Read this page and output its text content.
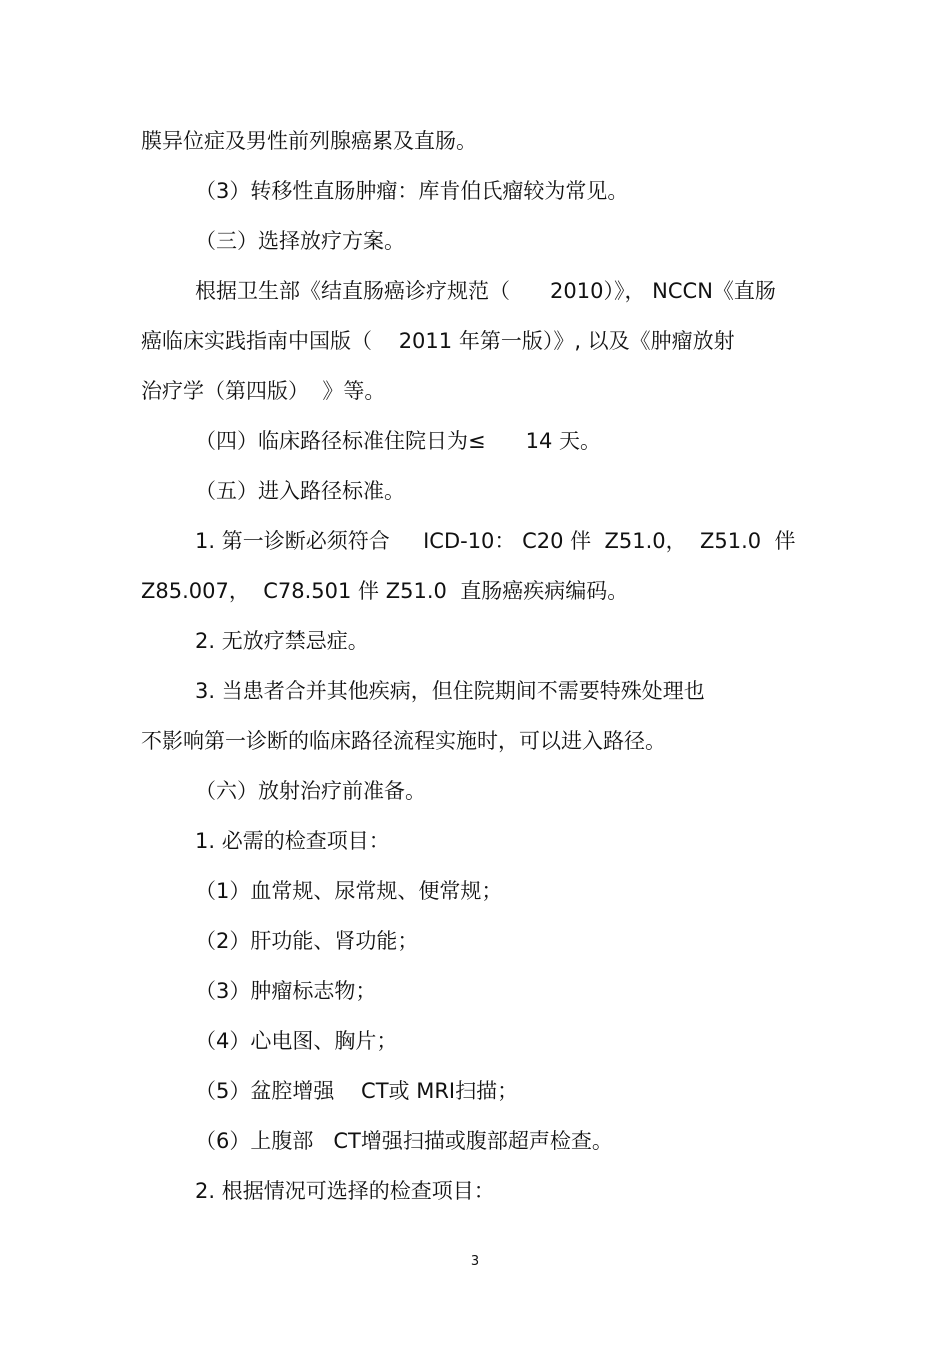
膜异位症及男性前列腺癌累及直肠。
（3）转移性直肠肿瘤：库肯伯氏瘤较为常见。
（三）选择放疗方案。
根据卫生部《结直肠癌诊疗规范（      2010）》， NCCN《直肠
癌临床实践指南中国版（    2011 年第一版）》, 以及《肿瘤放射
治疗学（第四版）  》等。
（四）临床路径标准住院日为≤      14 天。
（五）进入路径标准。
1. 第一诊断必须符合     ICD-10： C20 伴  Z51.0，  Z51.0  伴
Z85.007，  C78.501 伴 Z51.0  直肠癌疾病编码。
2. 无放疗禁忌症。
3. 当患者合并其他疾病，但住院期间不需要特殊处理也
不影响第一诊断的临床路径流程实施时，可以进入路径。
（六）放射治疗前准备。
1. 必需的检查项目：
（1）血常规、尿常规、便常规；
（2）肝功能、肾功能；
（3）肿瘤标志物；
（4）心电图、胸片；
（5）盆腔增强    CT或 MRI扫描；
（6）上腹部   CT增强扫描或腹部超声检查。
2. 根据情况可选择的检查项目：
3
